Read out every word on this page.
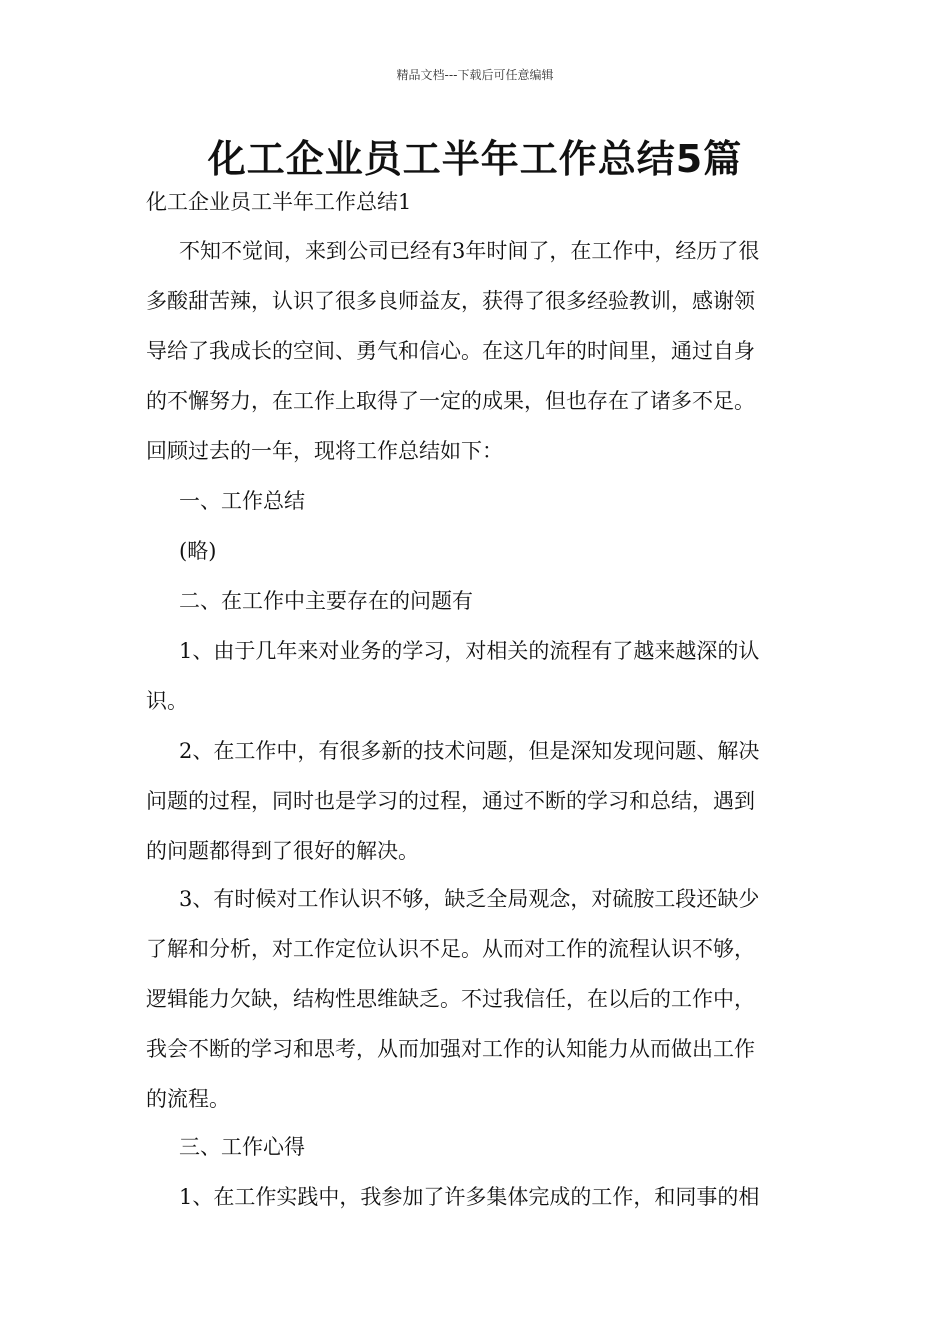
精品文档---下载后可任意编辑
化工企业员工半年工作总结5篇
化工企业员工半年工作总结1
不知不觉间，来到公司已经有3年时间了，在工作中，经历了很
多酸甜苦辣，认识了很多良师益友，获得了很多经验教训，感谢领
导给了我成长的空间、勇气和信心。在这几年的时间里，通过自身
的不懈努力，在工作上取得了一定的成果，但也存在了诸多不足。
回顾过去的一年，现将工作总结如下：
一、工作总结
(略)
二、在工作中主要存在的问题有
1、由于几年来对业务的学习，对相关的流程有了越来越深的认
识。
2、在工作中，有很多新的技术问题，但是深知发现问题、解决
问题的过程，同时也是学习的过程，通过不断的学习和总结，遇到
的问题都得到了很好的解决。
3、有时候对工作认识不够，缺乏全局观念，对硫胺工段还缺少
了解和分析，对工作定位认识不足。从而对工作的流程认识不够，
逻辑能力欠缺，结构性思维缺乏。不过我信任，在以后的工作中，
我会不断的学习和思考，从而加强对工作的认知能力从而做出工作
的流程。
三、工作心得
1、在工作实践中，我参加了许多集体完成的工作，和同事的相
